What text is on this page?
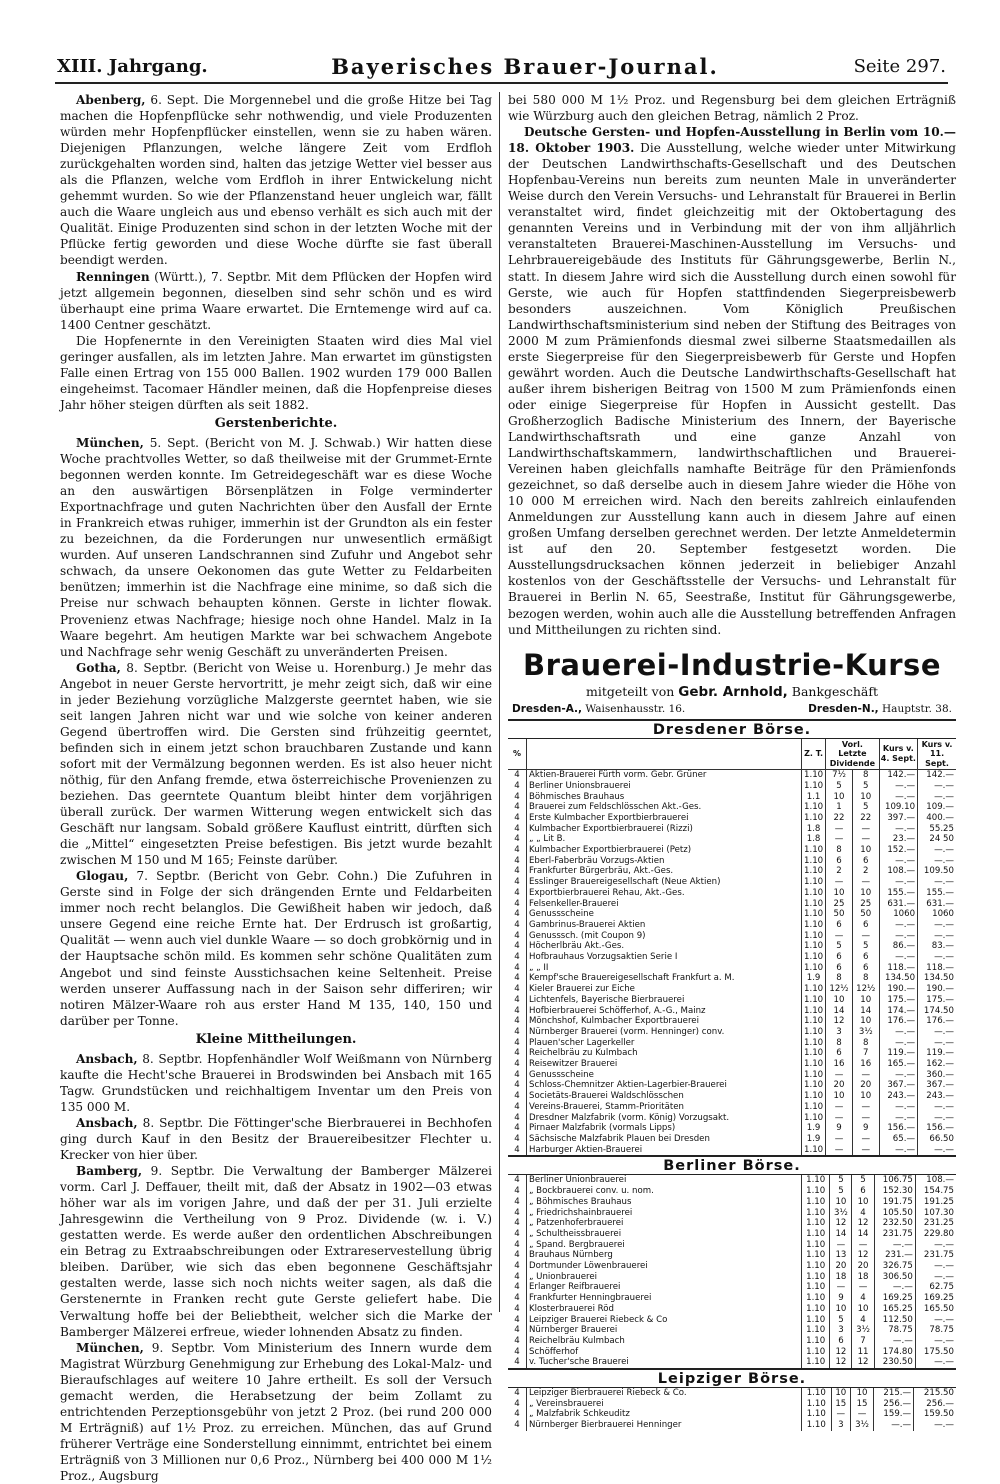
XIII. Jahrgang.	Bayerisches Brauer-Journal.	Seite 297.

Abenberg, 6. Sept. Die Morgennebel und die große Hitze bei Tag machen die Hopfenpflücke sehr nothwendig, und viele Produzenten würden mehr Hopfenpflücker einstellen, wenn sie zu haben wären. Diejenigen Pflanzungen, welche längere Zeit vom Erdfloh zurückgehalten worden sind, halten das jetzige Wetter viel besser aus als die Pflanzen, welche vom Erdfloh in ihrer Entwickelung nicht gehemmt wurden. So wie der Pflanzenstand heuer ungleich war, fällt auch die Waare ungleich aus und ebenso verhält es sich auch mit der Qualität. Einige Produzenten sind schon in der letzten Woche mit der Pflücke fertig geworden und diese Woche dürfte sie fast überall beendigt werden.

Renningen (Württ.), 7. Septbr. Mit dem Pflücken der Hopfen wird jetzt allgemein begonnen, dieselben sind sehr schön und es wird überhaupt eine prima Waare erwartet. Die Erntemenge wird auf ca. 1400 Centner geschätzt.

Die Hopfenernte in den Vereinigten Staaten wird dies Mal viel geringer ausfallen, als im letzten Jahre. Man erwartet im günstigsten Falle einen Ertrag von 155 000 Ballen. 1902 wurden 179 000 Ballen eingeheimst. Tacomaer Händler meinen, daß die Hopfenpreise dieses Jahr höher steigen dürften als seit 1882.

Gerstenberichte.

München, 5. Sept. (Bericht von M. J. Schwab.) Wir hatten diese Woche prachtvolles Wetter, so daß theilweise mit der Grummet-Ernte begonnen werden konnte. Im Getreidegeschäft war es diese Woche an den auswärtigen Börsenplätzen in Folge verminderter Exportnachfrage und guten Nachrichten über den Ausfall der Ernte in Frankreich etwas ruhiger, immerhin ist der Grundton als ein fester zu bezeichnen, da die Forderungen nur unwesentlich ermäßigt wurden. Auf unseren Landschrannen sind Zufuhr und Angebot sehr schwach, da unsere Oekonomen das gute Wetter zu Feldarbeiten benützen; immerhin ist die Nachfrage eine minime, so daß sich die Preise nur schwach behaupten können. Gerste in lichter flowak. Provenienz etwas Nachfrage; hiesige noch ohne Handel. Malz in Ia Waare begehrt. Am heutigen Markte war bei schwachem Angebote und Nachfrage sehr wenig Geschäft zu unveränderten Preisen.

Gotha, 8. Septbr. (Bericht von Weise u. Horenburg.) Je mehr das Angebot in neuer Gerste hervortritt, je mehr zeigt sich, daß wir eine in jeder Beziehung vorzügliche Malzgerste geerntet haben, wie sie seit langen Jahren nicht war und wie solche von keiner anderen Gegend übertroffen wird. Die Gersten sind frühzeitig geerntet, befinden sich in einem jetzt schon brauchbaren Zustande und kann sofort mit der Vermälzung begonnen werden. Es ist also heuer nicht nöthig, für den Anfang fremde, etwa österreichische Provenienzen zu beziehen. Das geerntete Quantum bleibt hinter dem vorjährigen überall zurück. Der warmen Witterung wegen entwickelt sich das Geschäft nur langsam. Sobald größere Kauflust eintritt, dürften sich die „Mittel“ eingesetzten Preise befestigen. Bis jetzt wurde bezahlt zwischen M 150 und M 165; Feinste darüber.

Glogau, 7. Septbr. (Bericht von Gebr. Cohn.) Die Zufuhren in Gerste sind in Folge der sich drängenden Ernte und Feldarbeiten immer noch recht belanglos. Die Gewißheit haben wir jedoch, daß unsere Gegend eine reiche Ernte hat. Der Erdrusch ist großartig, Qualität — wenn auch viel dunkle Waare — so doch grobkörnig und in der Hauptsache schön mild. Es kommen sehr schöne Qualitäten zum Angebot und sind feinste Ausstichsachen keine Seltenheit. Preise werden unserer Auffassung nach in der Saison sehr differiren; wir notiren Mälzer-Waare roh aus erster Hand M 135, 140, 150 und darüber per Tonne.

Kleine Mittheilungen.

Ansbach, 8. Septbr. Hopfenhändler Wolf Weißmann von Nürnberg kaufte die Hecht'sche Brauerei in Brodswinden bei Ansbach mit 165 Tagw. Grundstücken und reichhaltigem Inventar um den Preis von 135 000 M.

Ansbach, 8. Septbr. Die Föttinger'sche Bierbrauerei in Bechhofen ging durch Kauf in den Besitz der Brauereibesitzer Flechter u. Krecker von hier über.

Bamberg, 9. Septbr. Die Verwaltung der Bamberger Mälzerei vorm. Carl J. Deffauer, theilt mit, daß der Absatz in 1902—03 etwas höher war als im vorigen Jahre, und daß der per 31. Juli erzielte Jahresgewinn die Vertheilung von 9 Proz. Dividende (w. i. V.) gestatten werde. Es werde außer den ordentlichen Abschreibungen ein Betrag zu Extraabschreibungen oder Extrareservestellung übrig bleiben. Darüber, wie sich das eben begonnene Geschäftsjahr gestalten werde, lasse sich noch nichts weiter sagen, als daß die Gerstenernte in Franken recht gute Gerste geliefert habe. Die Verwaltung hoffe bei der Beliebtheit, welcher sich die Marke der Bamberger Mälzerei erfreue, wieder lohnenden Absatz zu finden.

München, 9. Septbr. Vom Ministerium des Innern wurde dem Magistrat Würzburg Genehmigung zur Erhebung des Lokal-Malz- und Bieraufschlages auf weitere 10 Jahre ertheilt. Es soll der Versuch gemacht werden, die Herabsetzung der beim Zollamt zu entrichtenden Perzeptionsgebühr von jetzt 2 Proz. (bei rund 200 000 M Erträgniß) auf 1½ Proz. zu erreichen. München, das auf Grund früherer Verträge eine Sonderstellung einnimmt, entrichtet bei einem Erträgniß von 3 Millionen nur 0,6 Proz., Nürnberg bei 400 000 M 1½ Proz., Augsburg

bei 580 000 M 1½ Proz. und Regensburg bei dem gleichen Erträgniß wie Würzburg auch den gleichen Betrag, nämlich 2 Proz.

Deutsche Gersten- und Hopfen-Ausstellung in Berlin vom 10.—18. Oktober 1903. Die Ausstellung, welche wieder unter Mitwirkung der Deutschen Landwirthschafts-Gesellschaft und des Deutschen Hopfenbau-Vereins nun bereits zum neunten Male in unveränderter Weise durch den Verein Versuchs- und Lehranstalt für Brauerei in Berlin veranstaltet wird, findet gleichzeitig mit der Oktobertagung des genannten Vereins und in Verbindung mit der von ihm alljährlich veranstalteten Brauerei-Maschinen-Ausstellung im Versuchs- und Lehrbrauereigebäude des Instituts für Gährungsgewerbe, Berlin N., statt. In diesem Jahre wird sich die Ausstellung durch einen sowohl für Gerste, wie auch für Hopfen stattfindenden Siegerpreisbewerb besonders auszeichnen. Vom Königlich Preußischen Landwirthschaftsministerium sind neben der Stiftung des Beitrages von 2000 M zum Prämienfonds diesmal zwei silberne Staatsmedaillen als erste Siegerpreise für den Siegerpreisbewerb für Gerste und Hopfen gewährt worden. Auch die Deutsche Landwirthschafts-Gesellschaft hat außer ihrem bisherigen Beitrag von 1500 M zum Prämienfonds einen oder einige Siegerpreise für Hopfen in Aussicht gestellt. Das Großherzoglich Badische Ministerium des Innern, der Bayerische Landwirthschaftsrath und eine ganze Anzahl von Landwirthschaftskammern, landwirthschaftlichen und Brauerei-Vereinen haben gleichfalls namhafte Beiträge für den Prämienfonds gezeichnet, so daß derselbe auch in diesem Jahre wieder die Höhe von 10 000 M erreichen wird. Nach den bereits zahlreich einlaufenden Anmeldungen zur Ausstellung kann auch in diesem Jahre auf einen großen Umfang derselben gerechnet werden. Der letzte Anmeldetermin ist auf den 20. September festgesetzt worden. Die Ausstellungsdrucksachen können jederzeit in beliebiger Anzahl kostenlos von der Geschäftsstelle der Versuchs- und Lehranstalt für Brauerei in Berlin N. 65, Seestraße, Institut für Gährungsgewerbe, bezogen werden, wohin auch alle die Ausstellung betreffenden Anfragen und Mittheilungen zu richten sind.

Brauerei-Industrie-Kurse
mitgeteilt von Gebr. Arnhold, Bankgeschäft
Dresden-A., Waisenhausstr. 16.	Dresden-N., Hauptstr. 38.
Dresdener Börse.
%		Z. T.	Vorl. Letzte Dividende		Kurs v. 4. Sept.	Kurs v. 11. Sept.
4	Aktien-Brauerei Fürth vorm. Gebr. Grüner	1.10	7½	8	142.—	142.—
4	Berliner Unionsbrauerei	1.10	5	5	—.—	—.—
4	Böhmisches Brauhaus	1.1	10	10	—.—	—.—
4	Brauerei zum Feldschlösschen Akt.-Ges.	1.10	1	5	109.10	109.—
4	Erste Kulmbacher Exportbierbrauerei	1.10	22	22	397.—	400.—
4	Kulmbacher Exportbierbrauerei (Rizzi)	1.8	—	—	—.—	55.25
4	„ „ Lit B.	1.8	—	—	23.—	24 50
4	Kulmbacher Exportbierbrauerei (Petz)	1.10	8	10	152.—	—.—
4	Eberl-Faberbräu Vorzugs-Aktien	1.10	6	6	—.—	—.—
4	Frankfurter Bürgerbräu, Akt.-Ges.	1.10	2	2	108.—	109.50
4	Esslinger Brauereigesellschaft (Neue Aktien)	1.10	—	—	—.—	—.—
4	Exportbierbrauerei Rehau, Akt.-Ges.	1.10	10	10	155.—	155.—
4	Felsenkeller-Brauerei	1.10	25	25	631.—	631.—
4	Genussscheine	1.10	50	50	1060	1060
4	Gambrinus-Brauerei Aktien	1.10	6	6	—.—	—.—
4	Genusssch. (mit Coupon 9)	1.10	—	—	—.—	—.—
4	Höcherlbräu Akt.-Ges.	1.10	5	5	86.—	83.—
4	Hofbrauhaus Vorzugsaktien Serie I	1.10	6	6	—.—	—.—
4	„ „ II	1.10	6	6	118.—	118.—
4	Kempf'sche Brauereigesellschaft Frankfurt a. M.	1.9	8	8	134.50	134.50
4	Kieler Brauerei zur Eiche	1.10	12½	12½	190.—	190.—
4	Lichtenfels, Bayerische Bierbrauerei	1.10	10	10	175.—	175.—
4	Hofbierbrauerei Schöfferhof, A.-G., Mainz	1.10	14	14	174.—	174.50
4	Mönchshof, Kulmbacher Exportbrauerei	1.10	12	10	176.—	176.—
4	Nürnberger Brauerei (vorm. Henninger) conv.	1.10	3	3½	—.—	—.—
4	Plauen'scher Lagerkeller	1.10	8	8	—.—	—.—
4	Reichelbräu zu Kulmbach	1.10	6	7	119.—	119.—
4	Reisewitzer Brauerei	1.10	16	16	165.—	162.—
4	Genussscheine	1.10	—	—	—.—	360.—
4	Schloss-Chemnitzer Aktien-Lagerbier-Brauerei	1.10	20	20	367.—	367.—
4	Societäts-Brauerei Waldschlösschen	1.10	10	10	243.—	243.—
4	Vereins-Brauerei, Stamm-Prioritäten	1.10	—	—	—.—	—.—
4	Dresdner Malzfabrik (vorm. König) Vorzugsakt.	1.10	—	—	—.—	—.—
4	Pirnaer Malzfabrik (vormals Lipps)	1.9	9	9	156.—	156.—
4	Sächsische Malzfabrik Plauen bei Dresden	1.9	—	—	65.—	66.50
4	Harburger Aktien-Brauerei	1.10	—	—	—.—	—.—
Berliner Börse.
4	Berliner Unionbrauerei	1.10	5	5	106.75	108.—
4	„ Bockbrauerei conv. u. nom.	1.10	5	6	152.30	154.75
4	„ Böhmisches Brauhaus	1.10	10	10	191.75	191.25
4	„ Friedrichshainbrauerei	1.10	3½	4	105.50	107.30
4	„ Patzenhoferbrauerei	1.10	12	12	232.50	231.25
4	„ Schultheissbrauerei	1.10	14	14	231.75	229.80
4	„ Spand. Bergbrauerei	1.10	—	—	—.—	—.—
4	Brauhaus Nürnberg	1.10	13	12	231.—	231.75
4	Dortmunder Löwenbrauerei	1.10	20	20	326.75	—.—
4	„ Unionbrauerei	1.10	18	18	306.50	—.—
4	Erlanger Reifbrauerei	1.10	—	—	—.—	62.75
4	Frankfurter Henningbrauerei	1.10	9	4	169.25	169.25
4	Klosterbrauerei Röd	1.10	10	10	165.25	165.50
4	Leipziger Brauerei Riebeck & Co	1.10	5	4	112.50	—.—
4	Nürnberger Brauerei	1.10	3	3½	78.75	78.75
4	Reichelbräu Kulmbach	1.10	6	7	—.—	—.—
4	Schöfferhof	1.10	12	11	174.80	175.50
4	v. Tucher'sche Brauerei	1.10	12	12	230.50	—.—
Leipziger Börse.
4	Leipziger Bierbrauerei Riebeck & Co.	1.10	10	10	215.—	215.50
4	„ Vereinsbrauerei	1.10	15	15	256.—	256.—
4	„ Malzfabrik Schkeuditz	1.10	—	—	159.—	159.50
4	Nürnberger Bierbrauerei Henninger	1.10	3	3½	—.—	—.—
